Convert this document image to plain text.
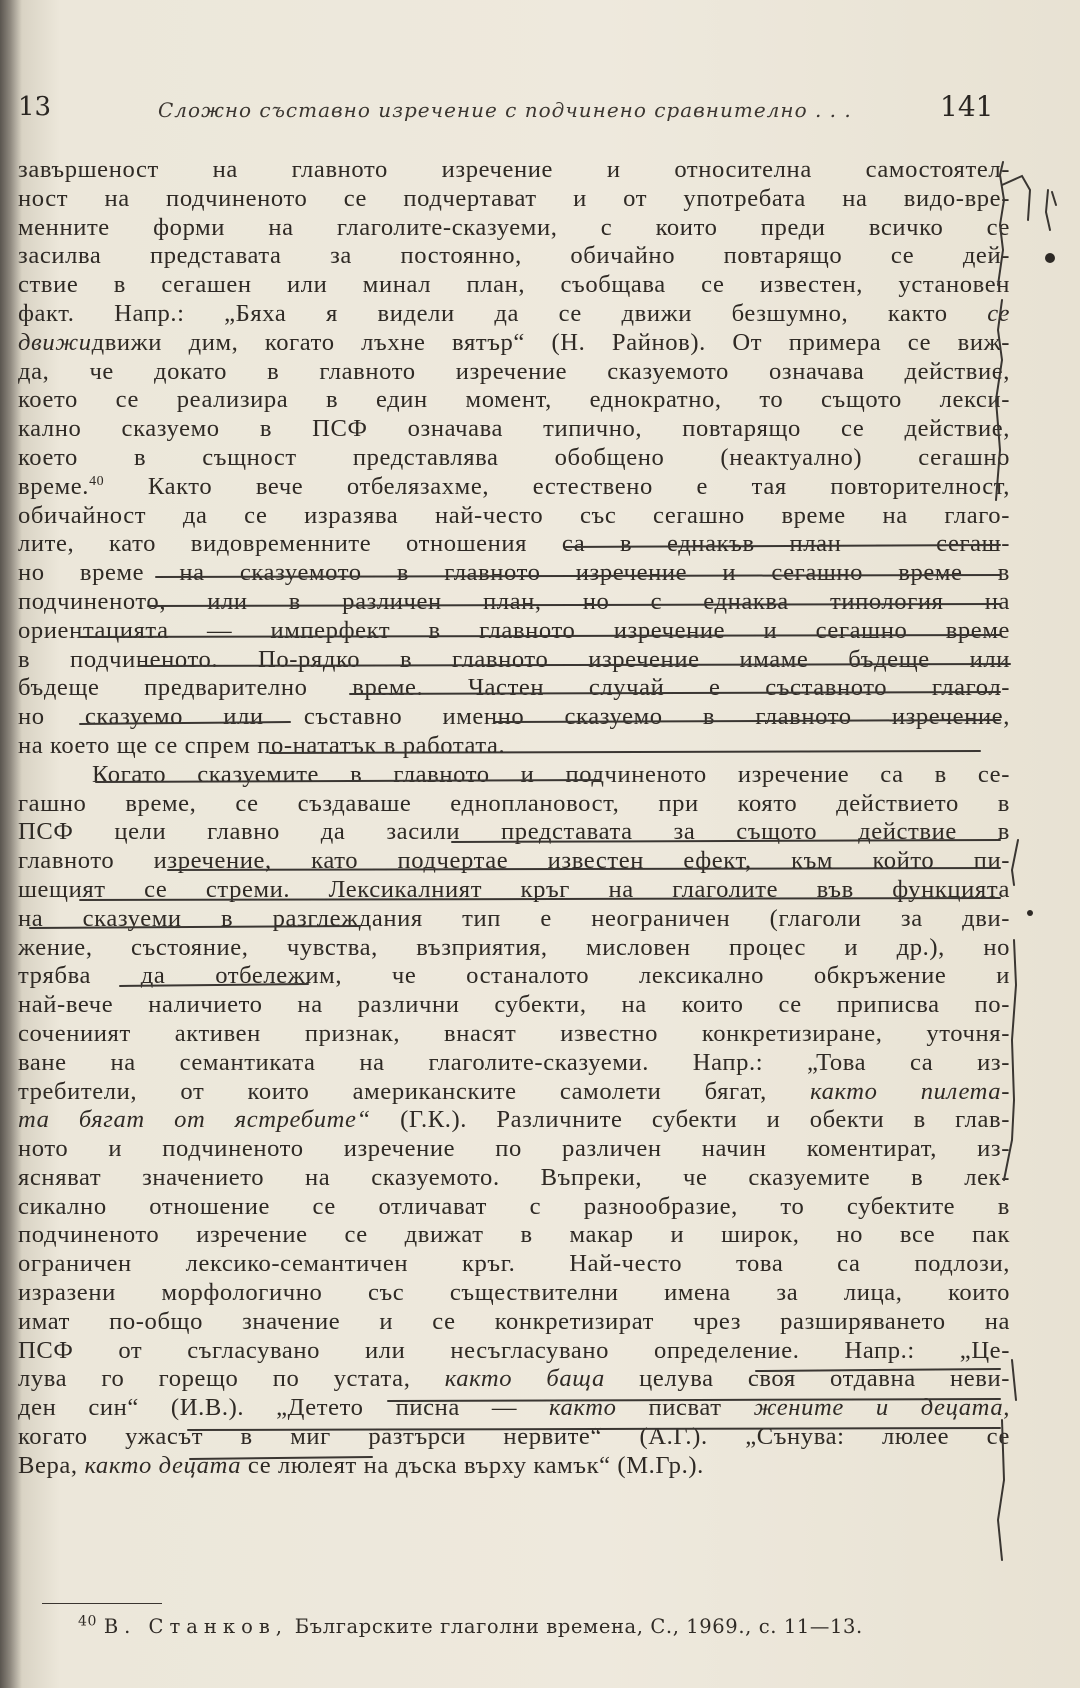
13	Сложно съставно изречение с подчинено сравнително . . .	141
завършеност на главното изречение и относителна самостоятел-
ност на подчиненото се подчертават и от употребата на видо-вре-
менните форми на глаголите-сказуеми, с които преди всичко се
засилва представата за постоянно, обичайно повтарящо се дей-
ствие в сегашен или минал план, съобщава се известен, установен
факт. Напр.: „Бяха я видели да се движи безшумно, както се
движидвижи дим, когато лъхне вятър“ (Н. Райнов). От примера се виж-
да, че докато в главното изречение сказуемото означава действие,
което се реализира в един момент, еднократно, то същото лекси-
кално сказуемо в ПСФ означава типично, повтарящо се действие,
което в същност представлява обобщено (неактуално) сегашно
време.$^{40}$ Както вече отбелязахме, естествено е тая повторителност,
обичайност да се изразява най-често със сегашно време на глаго-
лите, като видовременните отношения са в еднакъв план — сегаш-
но време на сказуемото в главното изречение и сегашно време в
подчиненото, или в различен план, но с еднаква типология на
ориентацията — имперфект в главното изречение и сегашно време
в подчиненото. По-рядко в главното изречение имаме бъдеще или
бъдеще предварително време. Частен случай е съставното глагол-
но сказуемо или съставно именно сказуемо в главното изречение,
на което ще се спрем по-нататък в работата.
Когато сказуемите в главното и подчиненото изречение са в се-
гашно време, се създаваше едноплановост, при която действието в
ПСФ цели главно да засили представата за същото действие в
главното изречение, като подчертае известен ефект, към който пи-
шещият се стреми. Лексикалният кръг на глаголите във функцията
на сказуеми в разглеждания тип е неограничен (глаголи за дви-
жение, състояние, чувства, възприятия, мисловен процес и др.), но
трябва да отбележим, че останалото лексикално обкръжение и
най-вече наличието на различни субекти, на които се приписва по-
сочениият активен признак, внасят известно конкретизиране, уточня-
ване на семантиката на глаголите-сказуеми. Напр.: „Това са из-
требители, от които американските самолети бягат, както пилета-
та бягат от ястребите“ (Г.К.). Различните субекти и обекти в глав-
ното и подчиненото изречение по различен начин коментират, из-
ясняват значението на сказуемото. Въпреки, че сказуемите в лек-
сикално отношение се отличават с разнообразие, то субектите в
подчиненото изречение се движат в макар и широк, но все пак
ограничен лексико-семантичен кръг. Най-често това са подлози,
изразени морфологично със съществителни имена за лица, които
имат по-общо значение и се конкретизират чрез разширяването на
ПСФ от съгласувано или несъгласувано определение. Напр.: „Це-
лува го горещо по устата, както баща целува своя отдавна неви-
ден син“ (И.В.). „Детето писна — както писват жените и децата,
когато ужасът в миг разтърси нервите“ (А.Г.). „Сънува: люлее се
Вера, както децата се люлеят на дъска върху камък“ (М.Гр.).
$^{40}$ В. Станков, Българските глаголни времена, С., 1969., с. 11—13.
